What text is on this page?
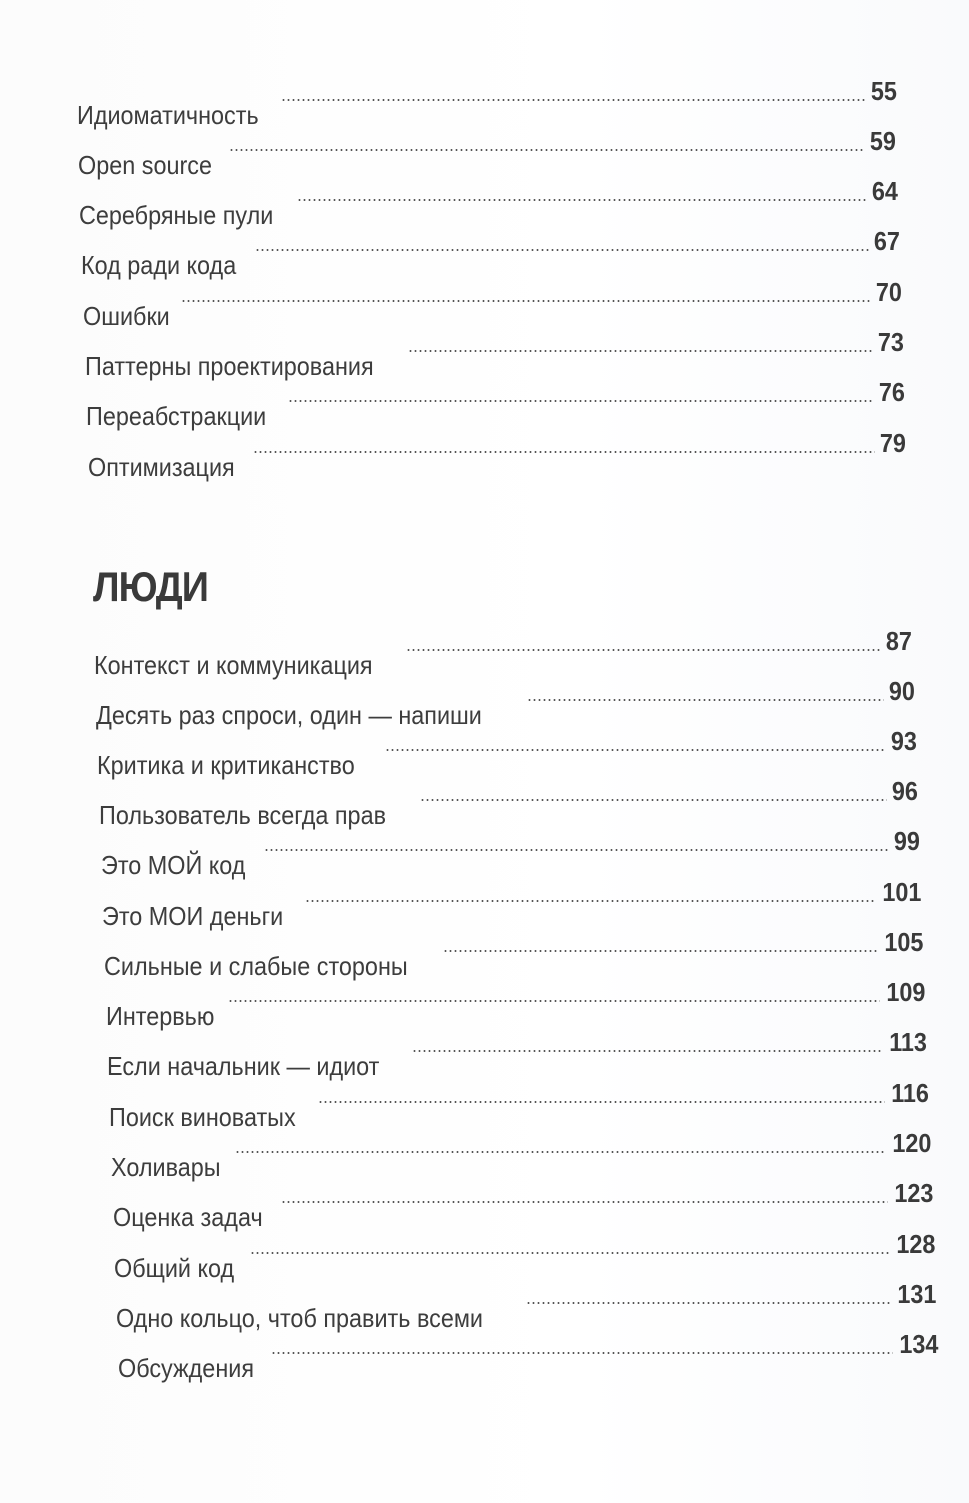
Идиоматичность
55
Open source
59
Серебряные пули
64
Код ради кода
67
Ошибки
70
Паттерны проектирования
73
Переабстракции
76
Оптимизация
79
ЛЮДИ
Контекст и коммуникация
87
Десять раз спроси, один — напиши
90
Критика и критиканство
93
Пользователь всегда прав
96
Это МОЙ код
99
Это МОИ деньги
101
Сильные и слабые стороны
105
Интервью
109
Если начальник — идиот
113
Поиск виноватых
116
Холивары
120
Оценка задач
123
Общий код
128
Одно кольцо, чтоб править всеми
131
Обсуждения
134
